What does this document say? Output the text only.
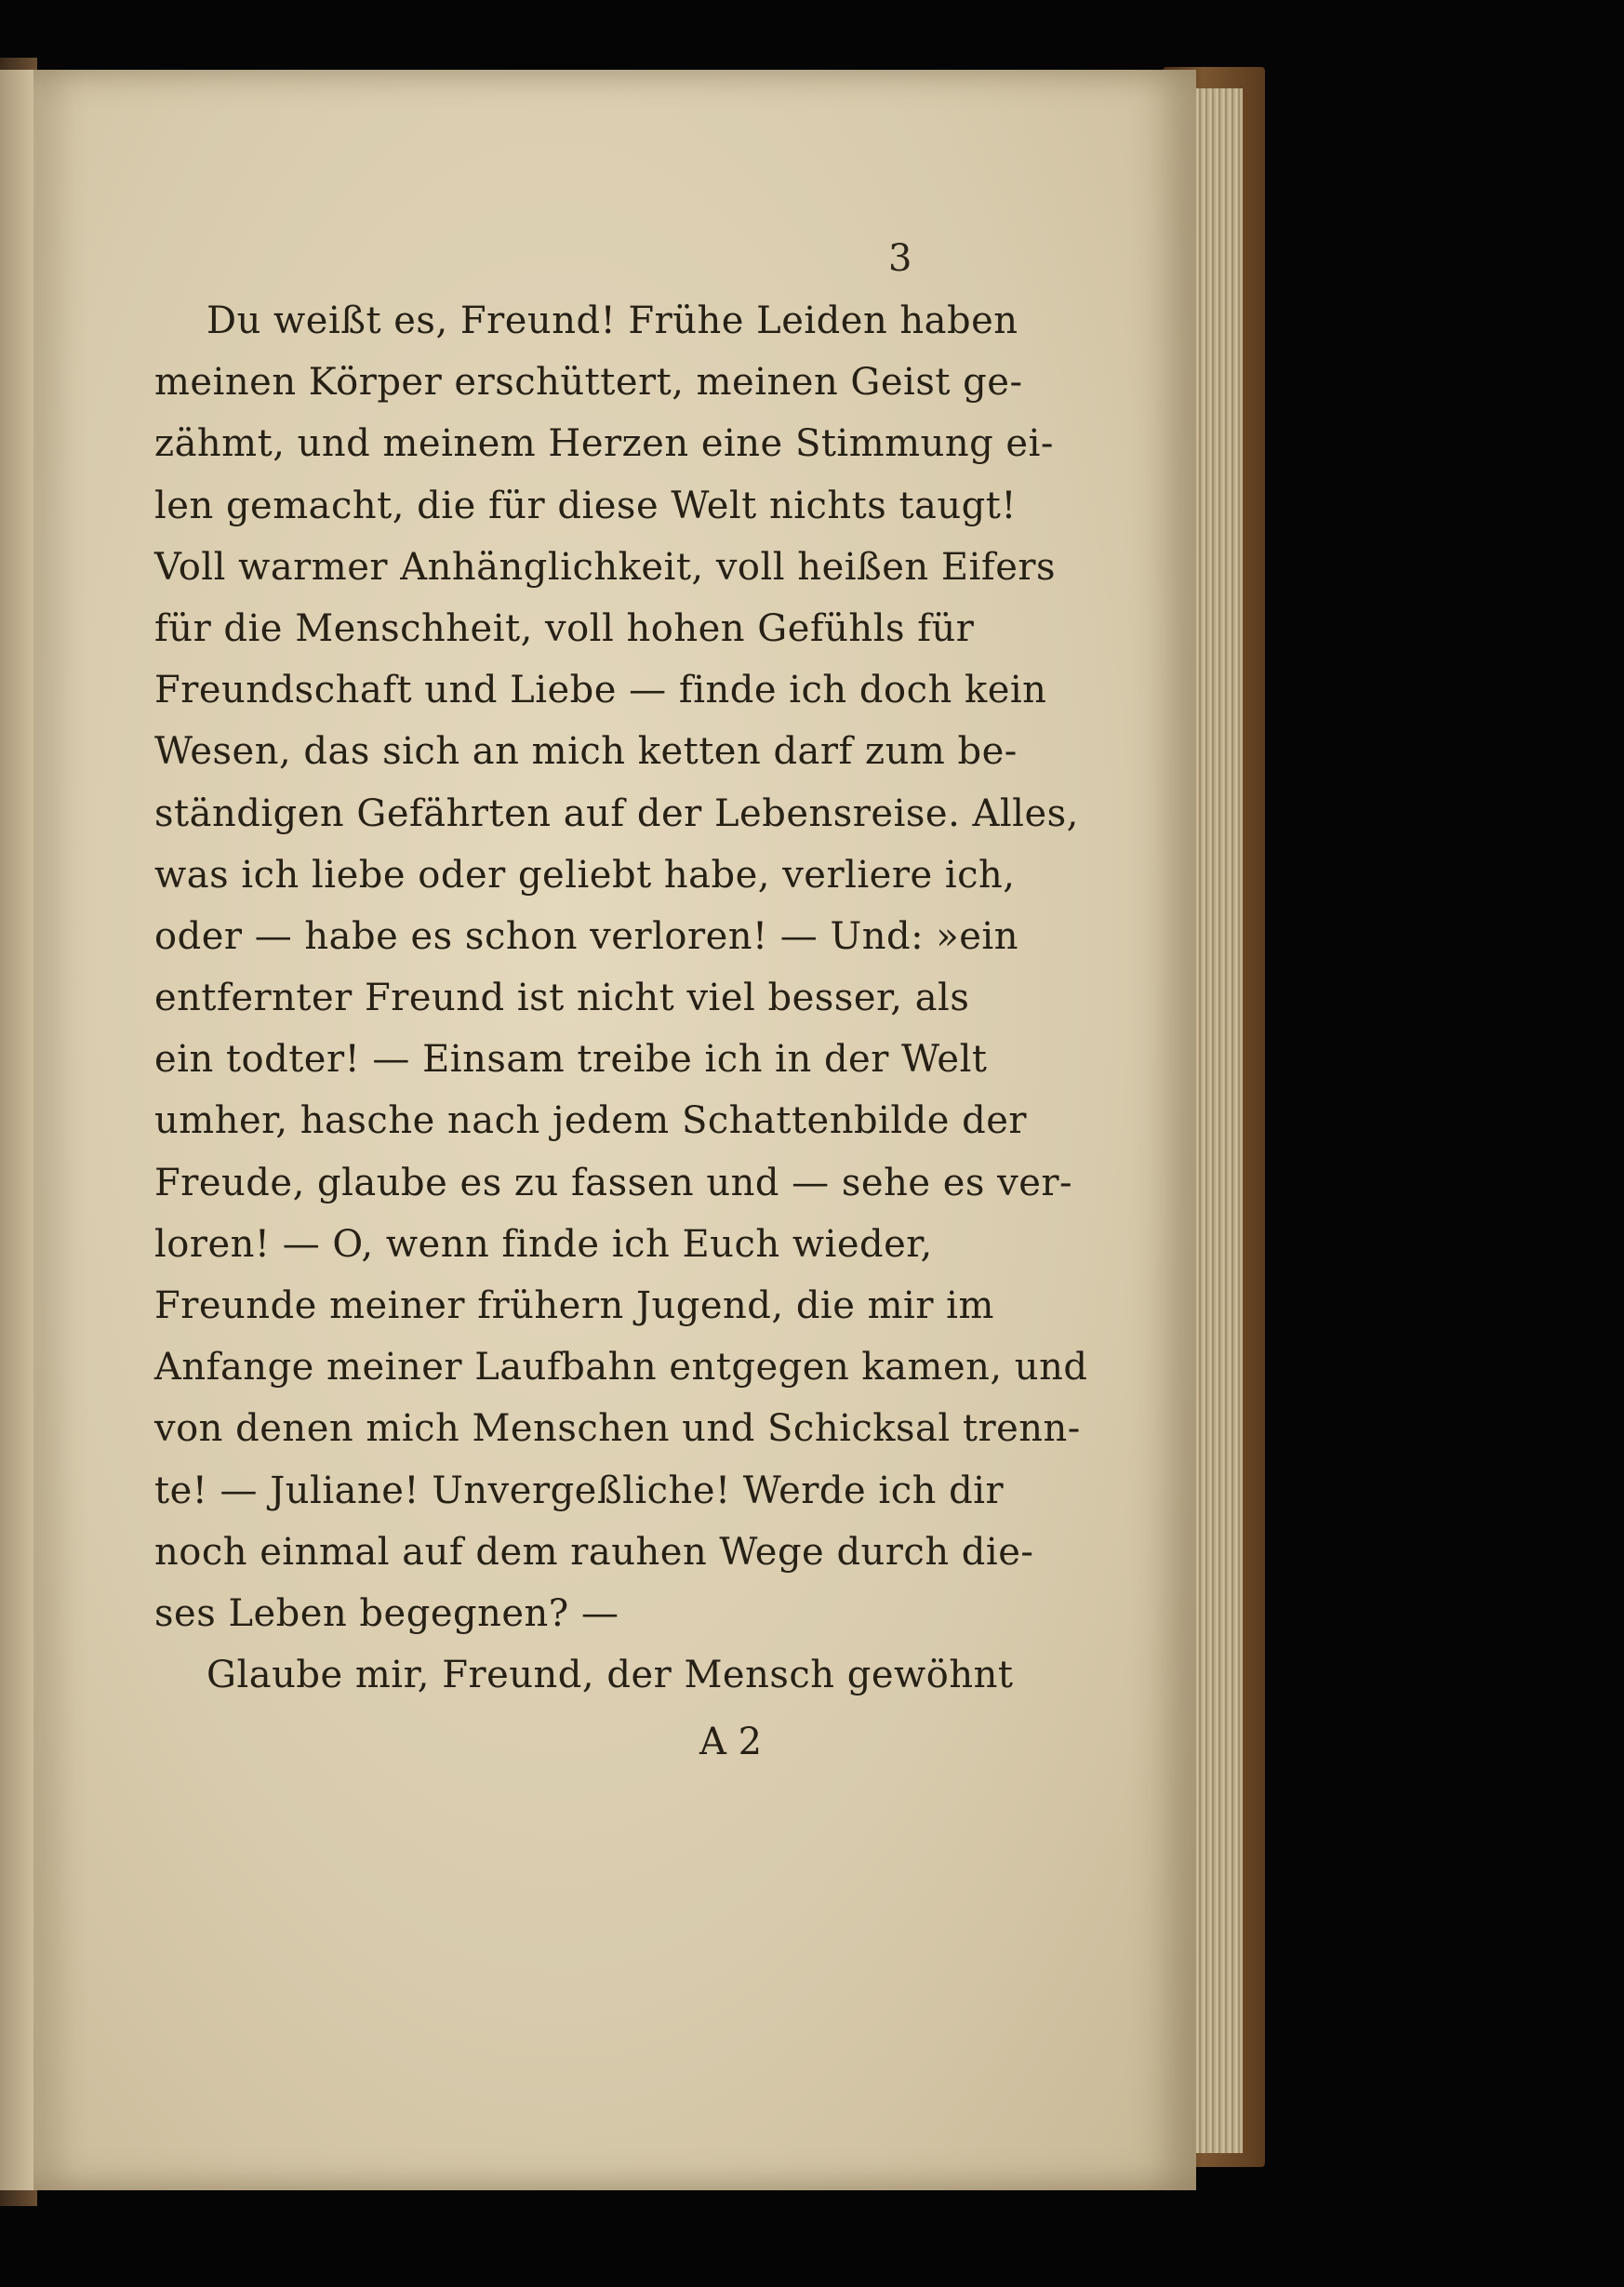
3
Du weißt es, Freund! Frühe Leiden haben
meinen Körper erschüttert, meinen Geist ge-
zähmt, und meinem Herzen eine Stimmung ei-
len gemacht, die für diese Welt nichts taugt!
Voll warmer Anhänglichkeit, voll heißen Eifers
für die Menschheit, voll hohen Gefühls für
Freundschaft und Liebe — finde ich doch kein
Wesen, das sich an mich ketten darf zum be-
ständigen Gefährten auf der Lebensreise. Alles,
was ich liebe oder geliebt habe, verliere ich,
oder — habe es schon verloren! — Und: »ein
entfernter Freund ist nicht viel besser, als
ein todter! — Einsam treibe ich in der Welt
umher, hasche nach jedem Schattenbilde der
Freude, glaube es zu fassen und — sehe es ver-
loren! — O, wenn finde ich Euch wieder,
Freunde meiner frühern Jugend, die mir im
Anfange meiner Laufbahn entgegen kamen, und
von denen mich Menschen und Schicksal trenn-
te! — Juliane! Unvergeßliche! Werde ich dir
noch einmal auf dem rauhen Wege durch die-
ses Leben begegnen? —
Glaube mir, Freund, der Mensch gewöhnt
A 2
